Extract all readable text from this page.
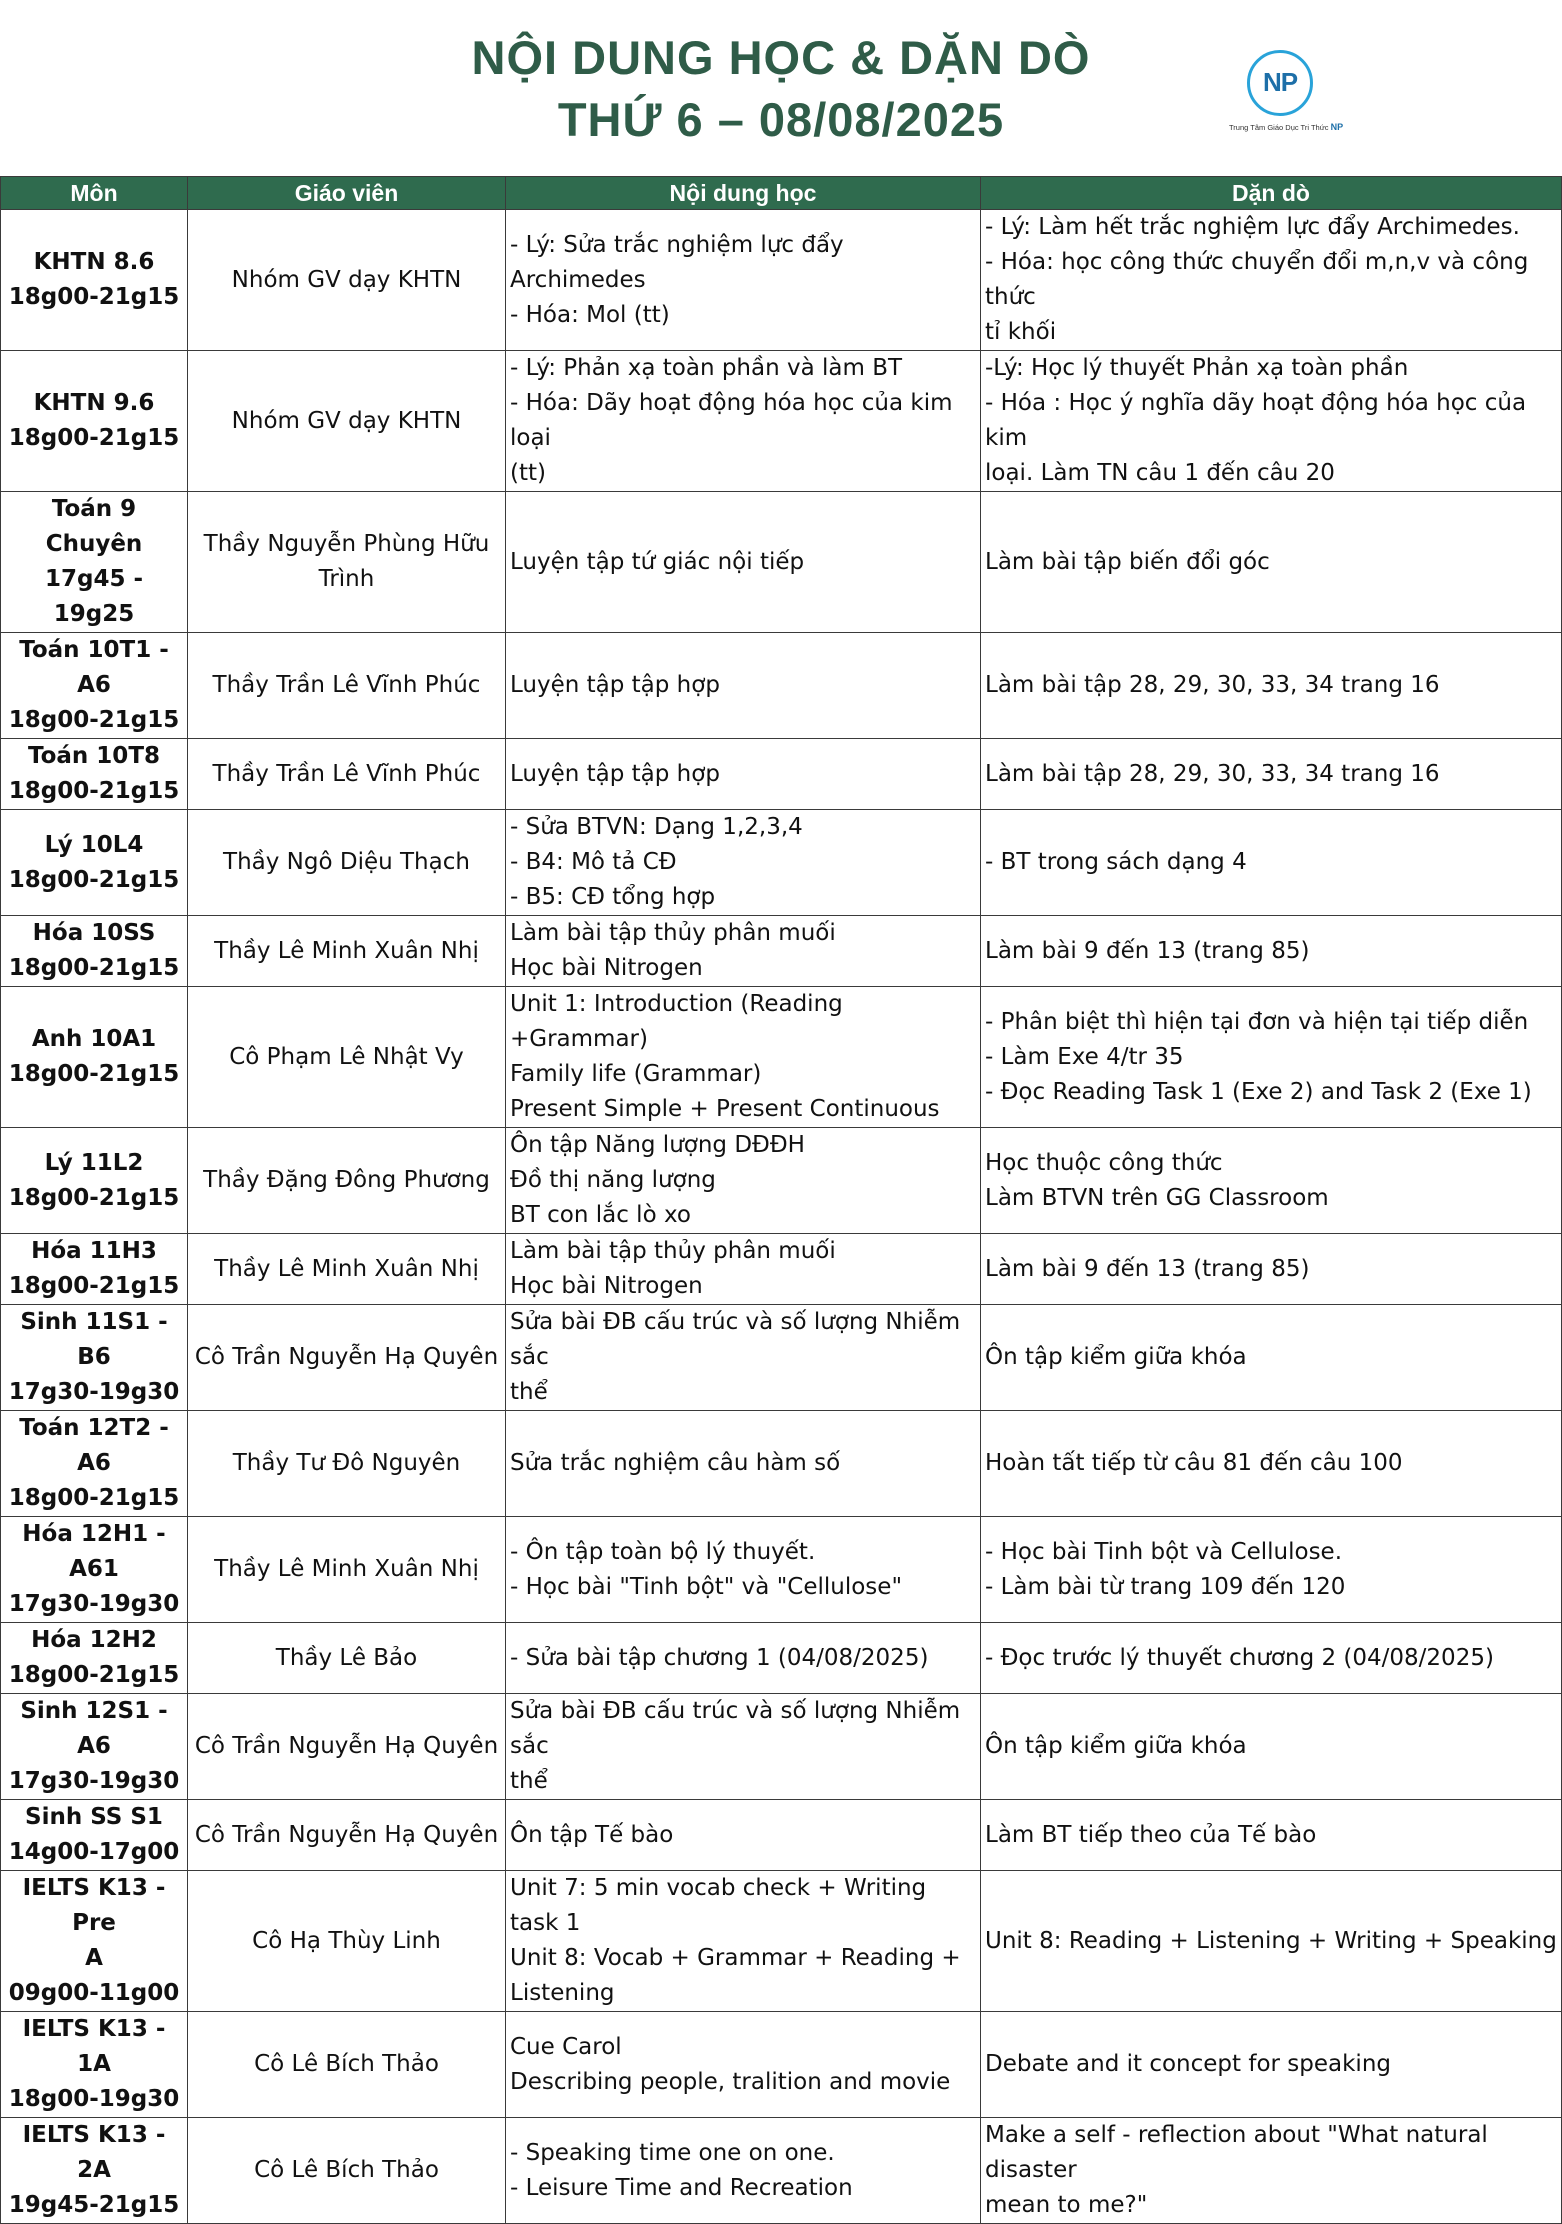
NỘI DUNG HỌC & DẶN DÒ
THỨ 6 – 08/08/2025
NP
Trung Tâm Giáo Dục Tri Thức NP
Môn	Giáo viên	Nội dung học	Dặn dò

KHTN 8.6
18g00-21g15	Nhóm GV dạy KHTN	- Lý: Sửa trắc nghiệm lực đẩy Archimedes
- Hóa: Mol (tt)	- Lý: Làm hết trắc nghiệm lực đẩy Archimedes.
- Hóa: học công thức chuyển đổi m,n,v và công thức
tỉ khối

KHTN 9.6
18g00-21g15	Nhóm GV dạy KHTN	- Lý: Phản xạ toàn phần và làm BT
- Hóa: Dãy hoạt động hóa học của kim loại
(tt)	-Lý: Học lý thuyết Phản xạ toàn phần
- Hóa : Học ý nghĩa dãy hoạt động hóa học của kim
loại. Làm TN câu 1 đến câu 20

Toán 9 Chuyên
17g45 - 19g25	Thầy Nguyễn Phùng Hữu
Trình	Luyện tập tứ giác nội tiếp	Làm bài tập biến đổi góc

Toán 10T1 - A6
18g00-21g15	Thầy Trần Lê Vĩnh Phúc	Luyện tập tập hợp	Làm bài tập 28, 29, 30, 33, 34 trang 16

Toán 10T8
18g00-21g15	Thầy Trần Lê Vĩnh Phúc	Luyện tập tập hợp	Làm bài tập 28, 29, 30, 33, 34 trang 16

Lý 10L4
18g00-21g15	Thầy Ngô Diệu Thạch	- Sửa BTVN: Dạng 1,2,3,4
- B4: Mô tả CĐ
- B5: CĐ tổng hợp	- BT trong sách dạng 4

Hóa 10SS
18g00-21g15	Thầy Lê Minh Xuân Nhị	Làm bài tập thủy phân muối
Học bài Nitrogen	Làm bài 9 đến 13 (trang 85)

Anh 10A1
18g00-21g15	Cô Phạm Lê Nhật Vy	Unit 1: Introduction (Reading +Grammar)
Family life (Grammar)
Present Simple + Present Continuous	- Phân biệt thì hiện tại đơn và hiện tại tiếp diễn
- Làm Exe 4/tr 35
- Đọc Reading Task 1 (Exe 2) and Task 2 (Exe 1)

Lý 11L2
18g00-21g15	Thầy Đặng Đông Phương	Ôn tập Năng lượng DĐĐH
Đồ thị năng lượng
BT con lắc lò xo	Học thuộc công thức
Làm BTVN trên GG Classroom

Hóa 11H3
18g00-21g15	Thầy Lê Minh Xuân Nhị	Làm bài tập thủy phân muối
Học bài Nitrogen	Làm bài 9 đến 13 (trang 85)

Sinh 11S1 - B6
17g30-19g30	Cô Trần Nguyễn Hạ Quyên	Sửa bài ĐB cấu trúc và số lượng Nhiễm sắc
thể	Ôn tập kiểm giữa khóa

Toán 12T2 - A6
18g00-21g15	Thầy Tư Đô Nguyên	Sửa trắc nghiệm câu hàm số	Hoàn tất tiếp từ câu 81 đến câu 100

Hóa 12H1 - A61
17g30-19g30	Thầy Lê Minh Xuân Nhị	- Ôn tập toàn bộ lý thuyết.
- Học bài "Tinh bột" và "Cellulose"	- Học bài Tinh bột và Cellulose.
- Làm bài từ trang 109 đến 120

Hóa 12H2
18g00-21g15	Thầy Lê Bảo	- Sửa bài tập chương 1 (04/08/2025)	- Đọc trước lý thuyết chương 2 (04/08/2025)

Sinh 12S1 - A6
17g30-19g30	Cô Trần Nguyễn Hạ Quyên	Sửa bài ĐB cấu trúc và số lượng Nhiễm sắc
thể	Ôn tập kiểm giữa khóa

Sinh SS S1
14g00-17g00	Cô Trần Nguyễn Hạ Quyên	Ôn tập Tế bào	Làm BT tiếp theo của Tế bào

IELTS K13 - Pre
A
09g00-11g00	Cô Hạ Thùy Linh	Unit 7: 5 min vocab check + Writing task 1
Unit 8: Vocab + Grammar + Reading +
Listening	Unit 8: Reading + Listening + Writing + Speaking

IELTS K13 - 1A
18g00-19g30	Cô Lê Bích Thảo	Cue Carol
Describing people, tralition and movie	Debate and it concept for speaking

IELTS K13 - 2A
19g45-21g15	Cô Lê Bích Thảo	- Speaking time one on one.
- Leisure Time and Recreation	Make a self - reflection about "What natural disaster
mean to me?"
